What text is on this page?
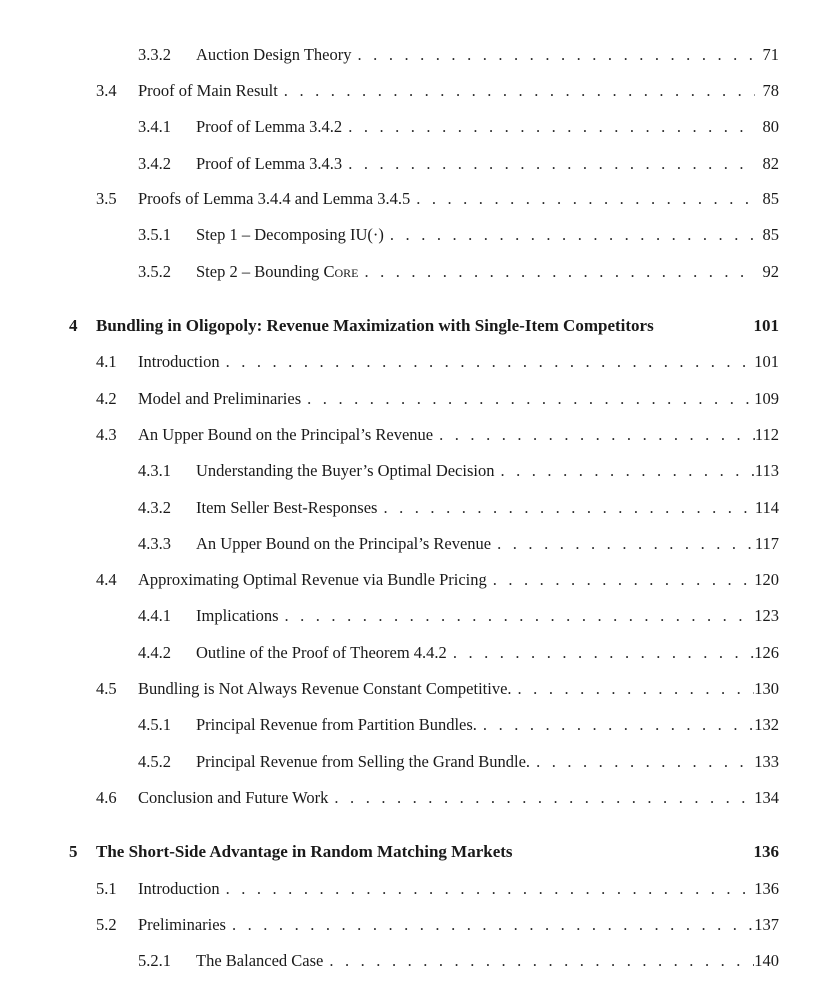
3.3.2	Auction Design Theory . . .	71
3.4	Proof of Main Result . . .	78
3.4.1	Proof of Lemma 3.4.2 . . .	80
3.4.2	Proof of Lemma 3.4.3 . . .	82
3.5	Proofs of Lemma 3.4.4 and Lemma 3.4.5 . . .	85
3.5.1	Step 1 – Decomposing IU(·) . . .	85
3.5.2	Step 2 – Bounding Core . . .	92
4	Bundling in Oligopoly: Revenue Maximization with Single-Item Competitors	101
4.1	Introduction . . .	101
4.2	Model and Preliminaries . . .	109
4.3	An Upper Bound on the Principal’s Revenue . . .	112
4.3.1	Understanding the Buyer’s Optimal Decision . . .	113
4.3.2	Item Seller Best-Responses . . .	114
4.3.3	An Upper Bound on the Principal’s Revenue . . .	117
4.4	Approximating Optimal Revenue via Bundle Pricing . . .	120
4.4.1	Implications . . .	123
4.4.2	Outline of the Proof of Theorem 4.4.2 . . .	126
4.5	Bundling is Not Always Revenue Constant Competitive. . . .	130
4.5.1	Principal Revenue from Partition Bundles. . . .	132
4.5.2	Principal Revenue from Selling the Grand Bundle. . . .	133
4.6	Conclusion and Future Work . . .	134
5	The Short-Side Advantage in Random Matching Markets	136
5.1	Introduction . . .	136
5.2	Preliminaries . . .	137
5.2.1	The Balanced Case . . .	140
